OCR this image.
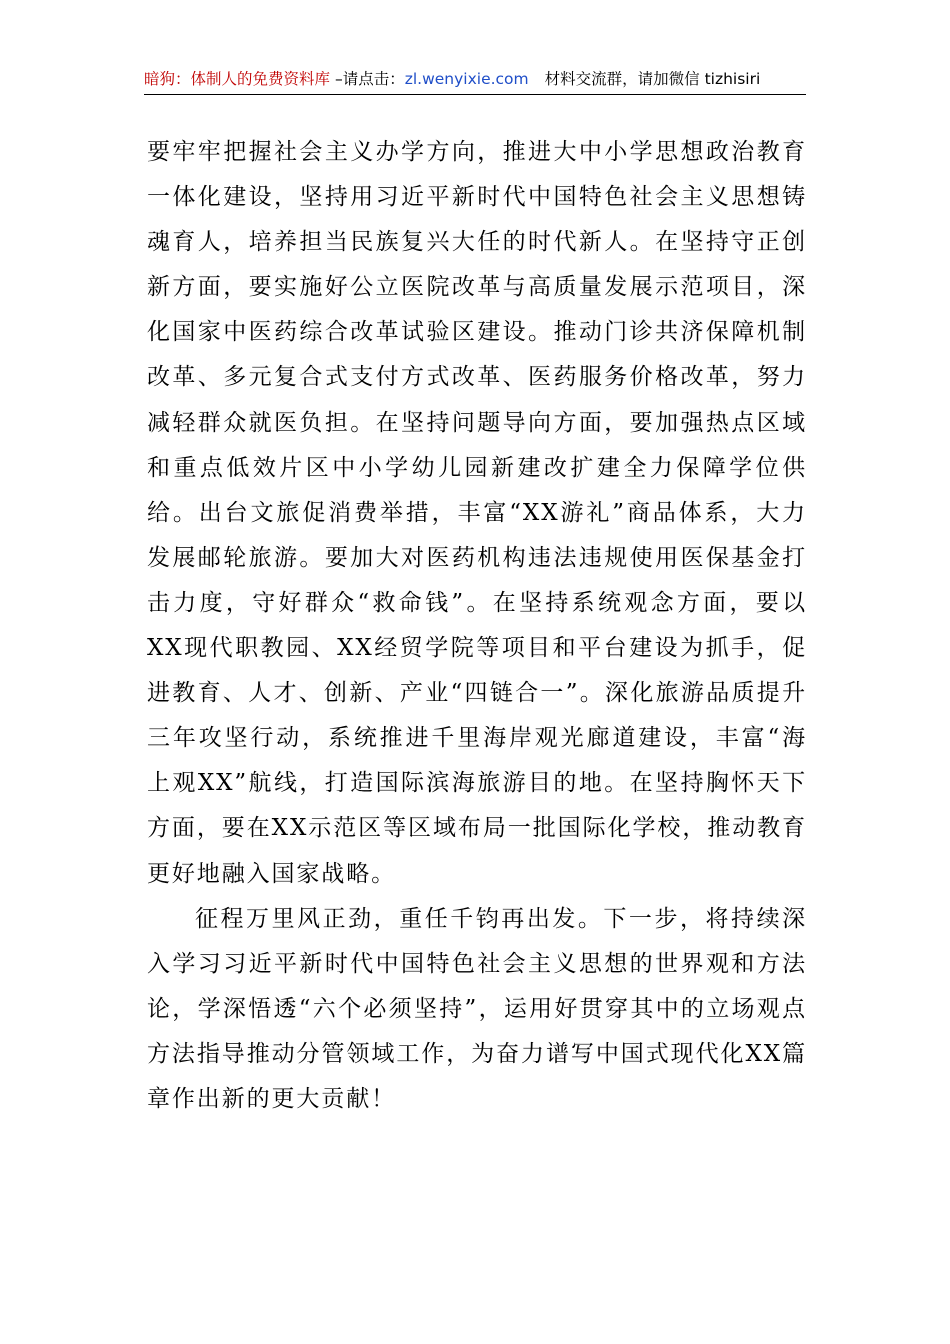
暗狗：体制人的免费资料库 –请点击：zl.wenyixie.com 材料交流群，请加微信 tizhisiri

要牢牢把握社会主义办学方向，推进大中小学思想政治教育一体化建设，坚持用习近平新时代中国特色社会主义思想铸魂育人，培养担当民族复兴大任的时代新人。在坚持守正创新方面，要实施好公立医院改革与高质量发展示范项目，深化国家中医药综合改革试验区建设。推动门诊共济保障机制改革、多元复合式支付方式改革、医药服务价格改革，努力减轻群众就医负担。在坚持问题导向方面，要加强热点区域和重点低效片区中小学幼儿园新建改扩建全力保障学位供给。出台文旅促消费举措，丰富“XX游礼”商品体系，大力发展邮轮旅游。要加大对医药机构违法违规使用医保基金打击力度，守好群众“救命钱”。在坚持系统观念方面，要以XX现代职教园、XX经贸学院等项目和平台建设为抓手，促进教育、人才、创新、产业“四链合一”。深化旅游品质提升三年攻坚行动，系统推进千里海岸观光廊道建设，丰富“海上观XX”航线，打造国际滨海旅游目的地。在坚持胸怀天下方面，要在XX示范区等区域布局一批国际化学校，推动教育更好地融入国家战略。

征程万里风正劲，重任千钧再出发。下一步，将持续深入学习习近平新时代中国特色社会主义思想的世界观和方法论，学深悟透“六个必须坚持”，运用好贯穿其中的立场观点方法指导推动分管领域工作，为奋力谱写中国式现代化XX篇章作出新的更大贡献！
